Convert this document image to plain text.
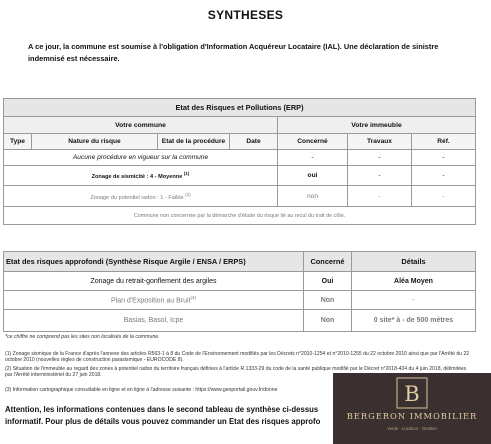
SYNTHESES
A ce jour, la commune est soumise à l'obligation d'Information Acquéreur Locataire (IAL). Une déclaration de sinistre indemnisé est nécessaire.
Etat des Risques et Pollutions (ERP)						
Votre commune				Votre immeuble		
Type	Nature du risque	Etat de la procédure	Date	Concerné	Travaux	Réf.
Aucune procédure en vigueur sur la commune				-	-	-
Zonage de sismicité : 4 - Moyenne $^{(1)}$				oui	-	-
Zonage du potentiel radon : 1 - Faible $^{(2)}$				non	-	-
Commune non concernée par la démarche d'étude du risque lié au recul du trait de côte.						
Etat des risques approfondi (Synthèse Risque Argile / ENSA / ERPS)	Concerné	Détails
Zonage du retrait-gonflement des argiles	Oui	Aléa Moyen
Plan d'Exposition au Bruit$^{(3)}$	Non	-
Basias, Basol, Icpe	Non	0 site* à - de 500 mètres
*ce chiffre ne comprend pas les sites non localisés de la commune.
(1) Zonage sismique de la France d'après l'annexe des articles R563-1 à 8 du Code de l'Environnement modifiés par les Décrets n°2010-1254 et n°2010-1255 du 22 octobre 2010 ainsi que par l'Arrêté du 22 octobre 2010 (nouvelles règles de construction parasismique - EUROCODE 8).
(2) Situation de l'immeuble au regard des zones à potentiel radon du territoire français définies à l'article R.1333-29 du code de la santé publique modifié par le Décret n°2018-434 du 4 juin 2018, délimitées par l'Arrêté interministériel du 27 juin 2018.
(3) Information cartographique consultable en ligne et en ligne à l'adresse suivante : https://www.geoportail.gouv.fr/donne
Attention, les informations contenues dans le second tableau de synthèse ci-dessus
informatif. Pour plus de détails vous pouvez commander un Etat des risques approfo
B
BERGERON IMMOBILIER
Vente · Location · Gestion
